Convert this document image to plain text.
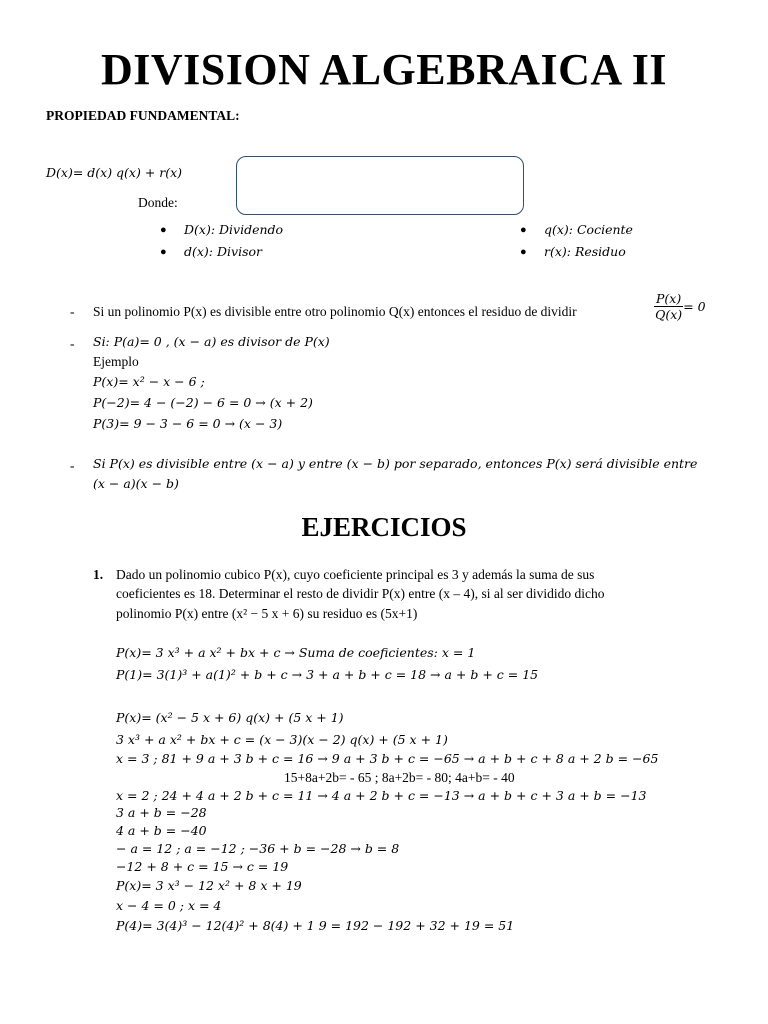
DIVISION ALGEBRAICA II
PROPIEDAD FUNDAMENTAL:
D(x)= d(x) q(x) + r(x)
Donde:
● D(x): Dividendo
● d(x): Divisor
● q(x): Cociente
● r(x): Residuo
- Si un polinomio P(x) es divisible entre otro polinomio Q(x) entonces el residuo de dividir	$\frac{P(x)}{Q(x)} = 0$
- Si: P(a)= 0 , (x − a) es divisor de P(x)
Ejemplo
P(x)= x² − x − 6 ;
P(−2)= 4 − (−2) − 6 = 0 → (x + 2)
P(3)= 9 − 3 − 6 = 0 → (x − 3)
- Si P(x) es divisible entre (x − a) y entre (x − b) por separado, entonces P(x) será divisible entre
(x − a)(x − b)
EJERCICIOS
1. Dado un polinomio cubico P(x), cuyo coeficiente principal es 3 y además la suma de sus
coeficientes es 18. Determinar el resto de dividir P(x) entre (x – 4), si al ser dividido dicho
polinomio P(x) entre (x² − 5 x + 6) su residuo es (5x+1)
P(x)= 3 x³ + a x² + bx + c → Suma de coeficientes: x = 1
P(1)= 3(1)³ + a(1)² + b + c → 3 + a + b + c = 18 → a + b + c = 15
P(x)= (x² − 5 x + 6) q(x) + (5 x + 1)
3 x³ + a x² + bx + c = (x − 3)(x − 2) q(x) + (5 x + 1)
x = 3 ; 81 + 9 a + 3 b + c = 16 → 9 a + 3 b + c = −65 → a + b + c + 8 a + 2 b = −65
15+8a+2b= - 65 ; 8a+2b= - 80; 4a+b= - 40
x = 2 ; 24 + 4 a + 2 b + c = 11 → 4 a + 2 b + c = −13 → a + b + c + 3 a + b = −13
3 a + b = −28
4 a + b = −40
− a = 12 ; a = −12 ; −36 + b = −28 → b = 8
−12 + 8 + c = 15 → c = 19
P(x)= 3 x³ − 12 x² + 8 x + 19
x − 4 = 0 ; x = 4
P(4)= 3(4)³ − 12(4)² + 8(4) + 1 9 = 192 − 192 + 32 + 19 = 51
